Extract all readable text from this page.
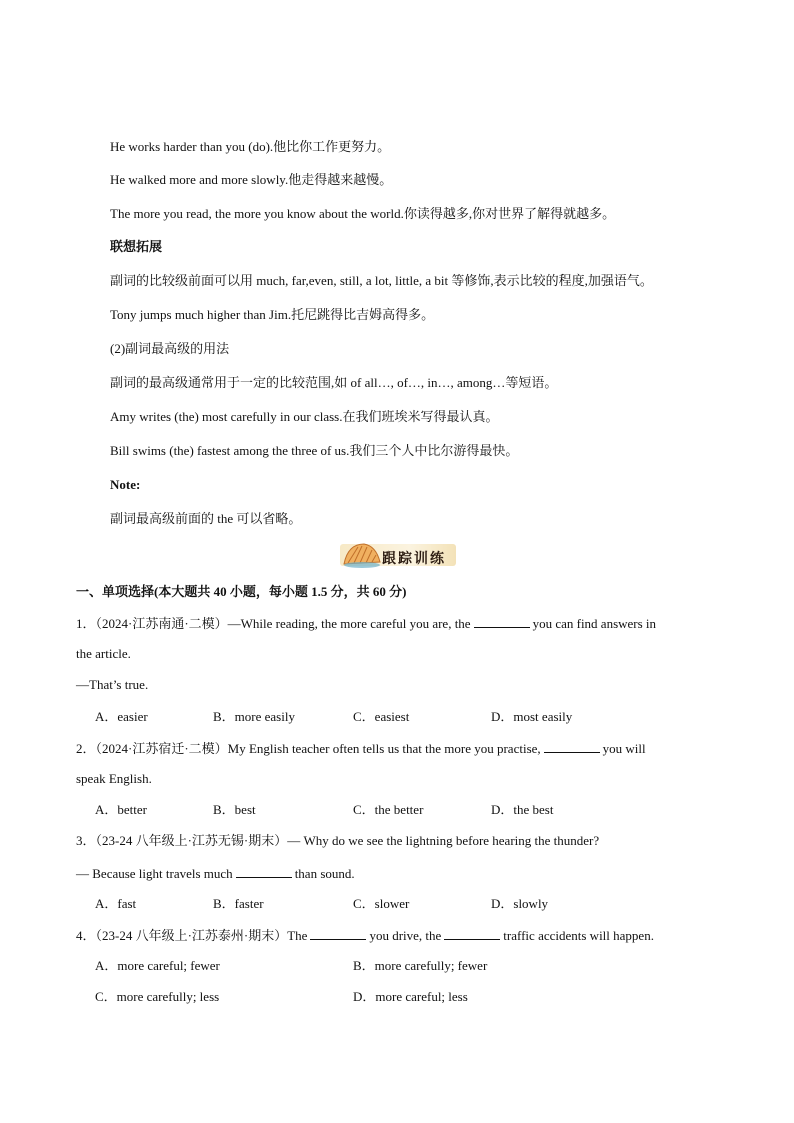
He works harder than you (do).他比你工作更努力。
He walked more and more slowly.他走得越来越慢。
The more you read, the more you know about the world.你读得越多,你对世界了解得就越多。
联想拓展
副词的比较级前面可以用 much, far,even, still, a lot, little, a bit 等修饰,表示比较的程度,加强语气。
Tony jumps much higher than Jim.托尼跳得比吉姆高得多。
(2)副词最高级的用法
副词的最高级通常用于一定的比较范围,如 of all…, of…, in…, among…等短语。
Amy writes (the) most carefully in our class.在我们班埃米写得最认真。
Bill swims (the) fastest among the three of us.我们三个人中比尔游得最快。
Note:
副词最高级前面的 the 可以省略。
跟踪训练
一、单项选择(本大题共 40 小题，每小题 1.5 分，共 60 分)
1．（2024·江苏南通·二模）—While reading, the more careful you are, the	you can find answers in
the article.
—That’s true.
A．easier	B．more easily	C．easiest	D．most easily
2．（2024·江苏宿迁·二模）My English teacher often tells us that the more you practise,	you will
speak English.
A．better	B．best	C．the better	D．the best
3．（23-24 八年级上·江苏无锡·期末）— Why do we see the lightning before hearing the thunder?
— Because light travels much	than sound.
A．fast	B．faster	C．slower	D．slowly
4．（23-24 八年级上·江苏泰州·期末）The	you drive, the	traffic accidents will happen.
A．more careful; fewer	B．more carefully; fewer
C．more carefully; less	D．more careful; less
